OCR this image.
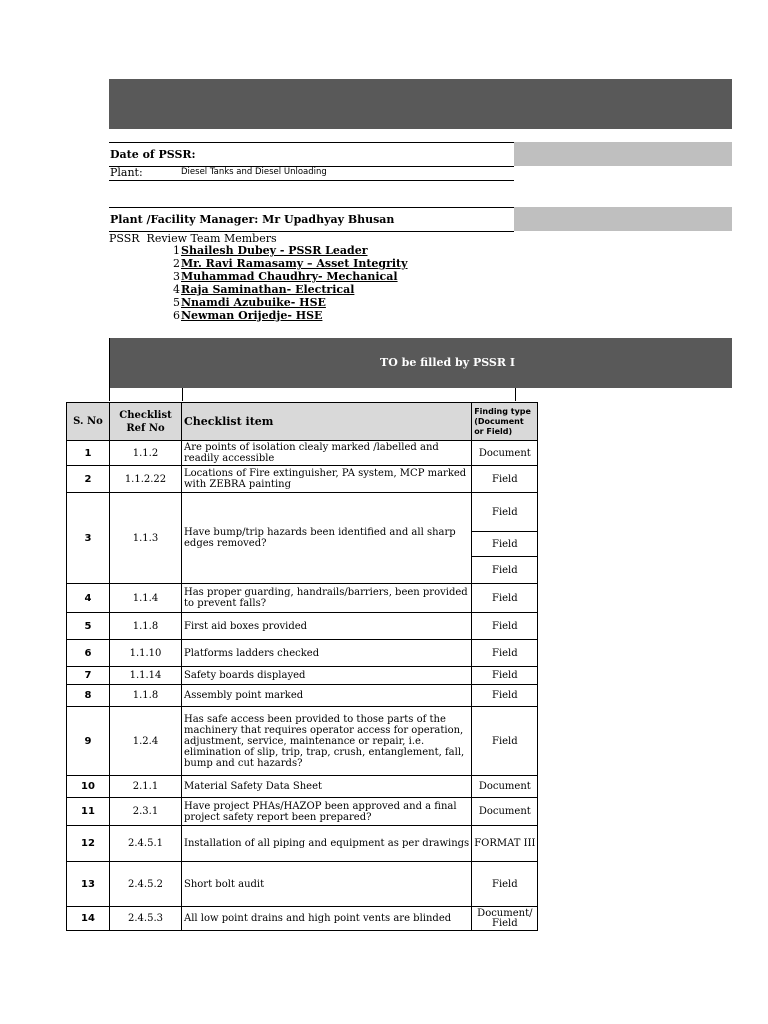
Date of PSSR:
Plant:	Diesel Tanks and Diesel Unloading
Plant /Facility Manager: Mr Upadhyay Bhusan
PSSR  Review Team Members
1 Shailesh Dubey - PSSR Leader
2 Mr. Ravi Ramasamy – Asset Integrity
3 Muhammad Chaudhry- Mechanical
4 Raja Saminathan- Electrical
5 Nnamdi Azubuike- HSE
6 Newman Orijedje- HSE
TO be filled by PSSR I
S. No	Checklist Ref No	Checklist item	Finding type (Document or Field)
1	1.1.2	Are points of isolation clealy marked /labelled and readily accessible	Document
2	1.1.2.22	Locations of Fire extinguisher, PA system, MCP marked with ZEBRA painting	Field
3	1.1.3	Have bump/trip hazards been identified and all sharp edges removed?	Field
			Field
			Field
4	1.1.4	Has proper guarding, handrails/barriers, been provided to prevent falls?	Field
5	1.1.8	First aid boxes provided	Field
6	1.1.10	Platforms ladders checked	Field
7	1.1.14	Safety boards displayed	Field
8	1.1.8	Assembly point marked	Field
9	1.2.4	Has safe access been provided to those parts of the machinery that requires operator access for operation, adjustment, service, maintenance or repair, i.e. elimination of slip, trip, trap, crush, entanglement, fall, bump and cut hazards?	Field
10	2.1.1	Material Safety Data Sheet	Document
11	2.3.1	Have project PHAs/HAZOP been approved and a final project safety report been prepared?	Document
12	2.4.5.1	Installation of all piping and equipment as per drawings	FORMAT III
13	2.4.5.2	Short bolt audit	Field
14	2.4.5.3	All low point drains and high point vents are blinded	Document/ Field
